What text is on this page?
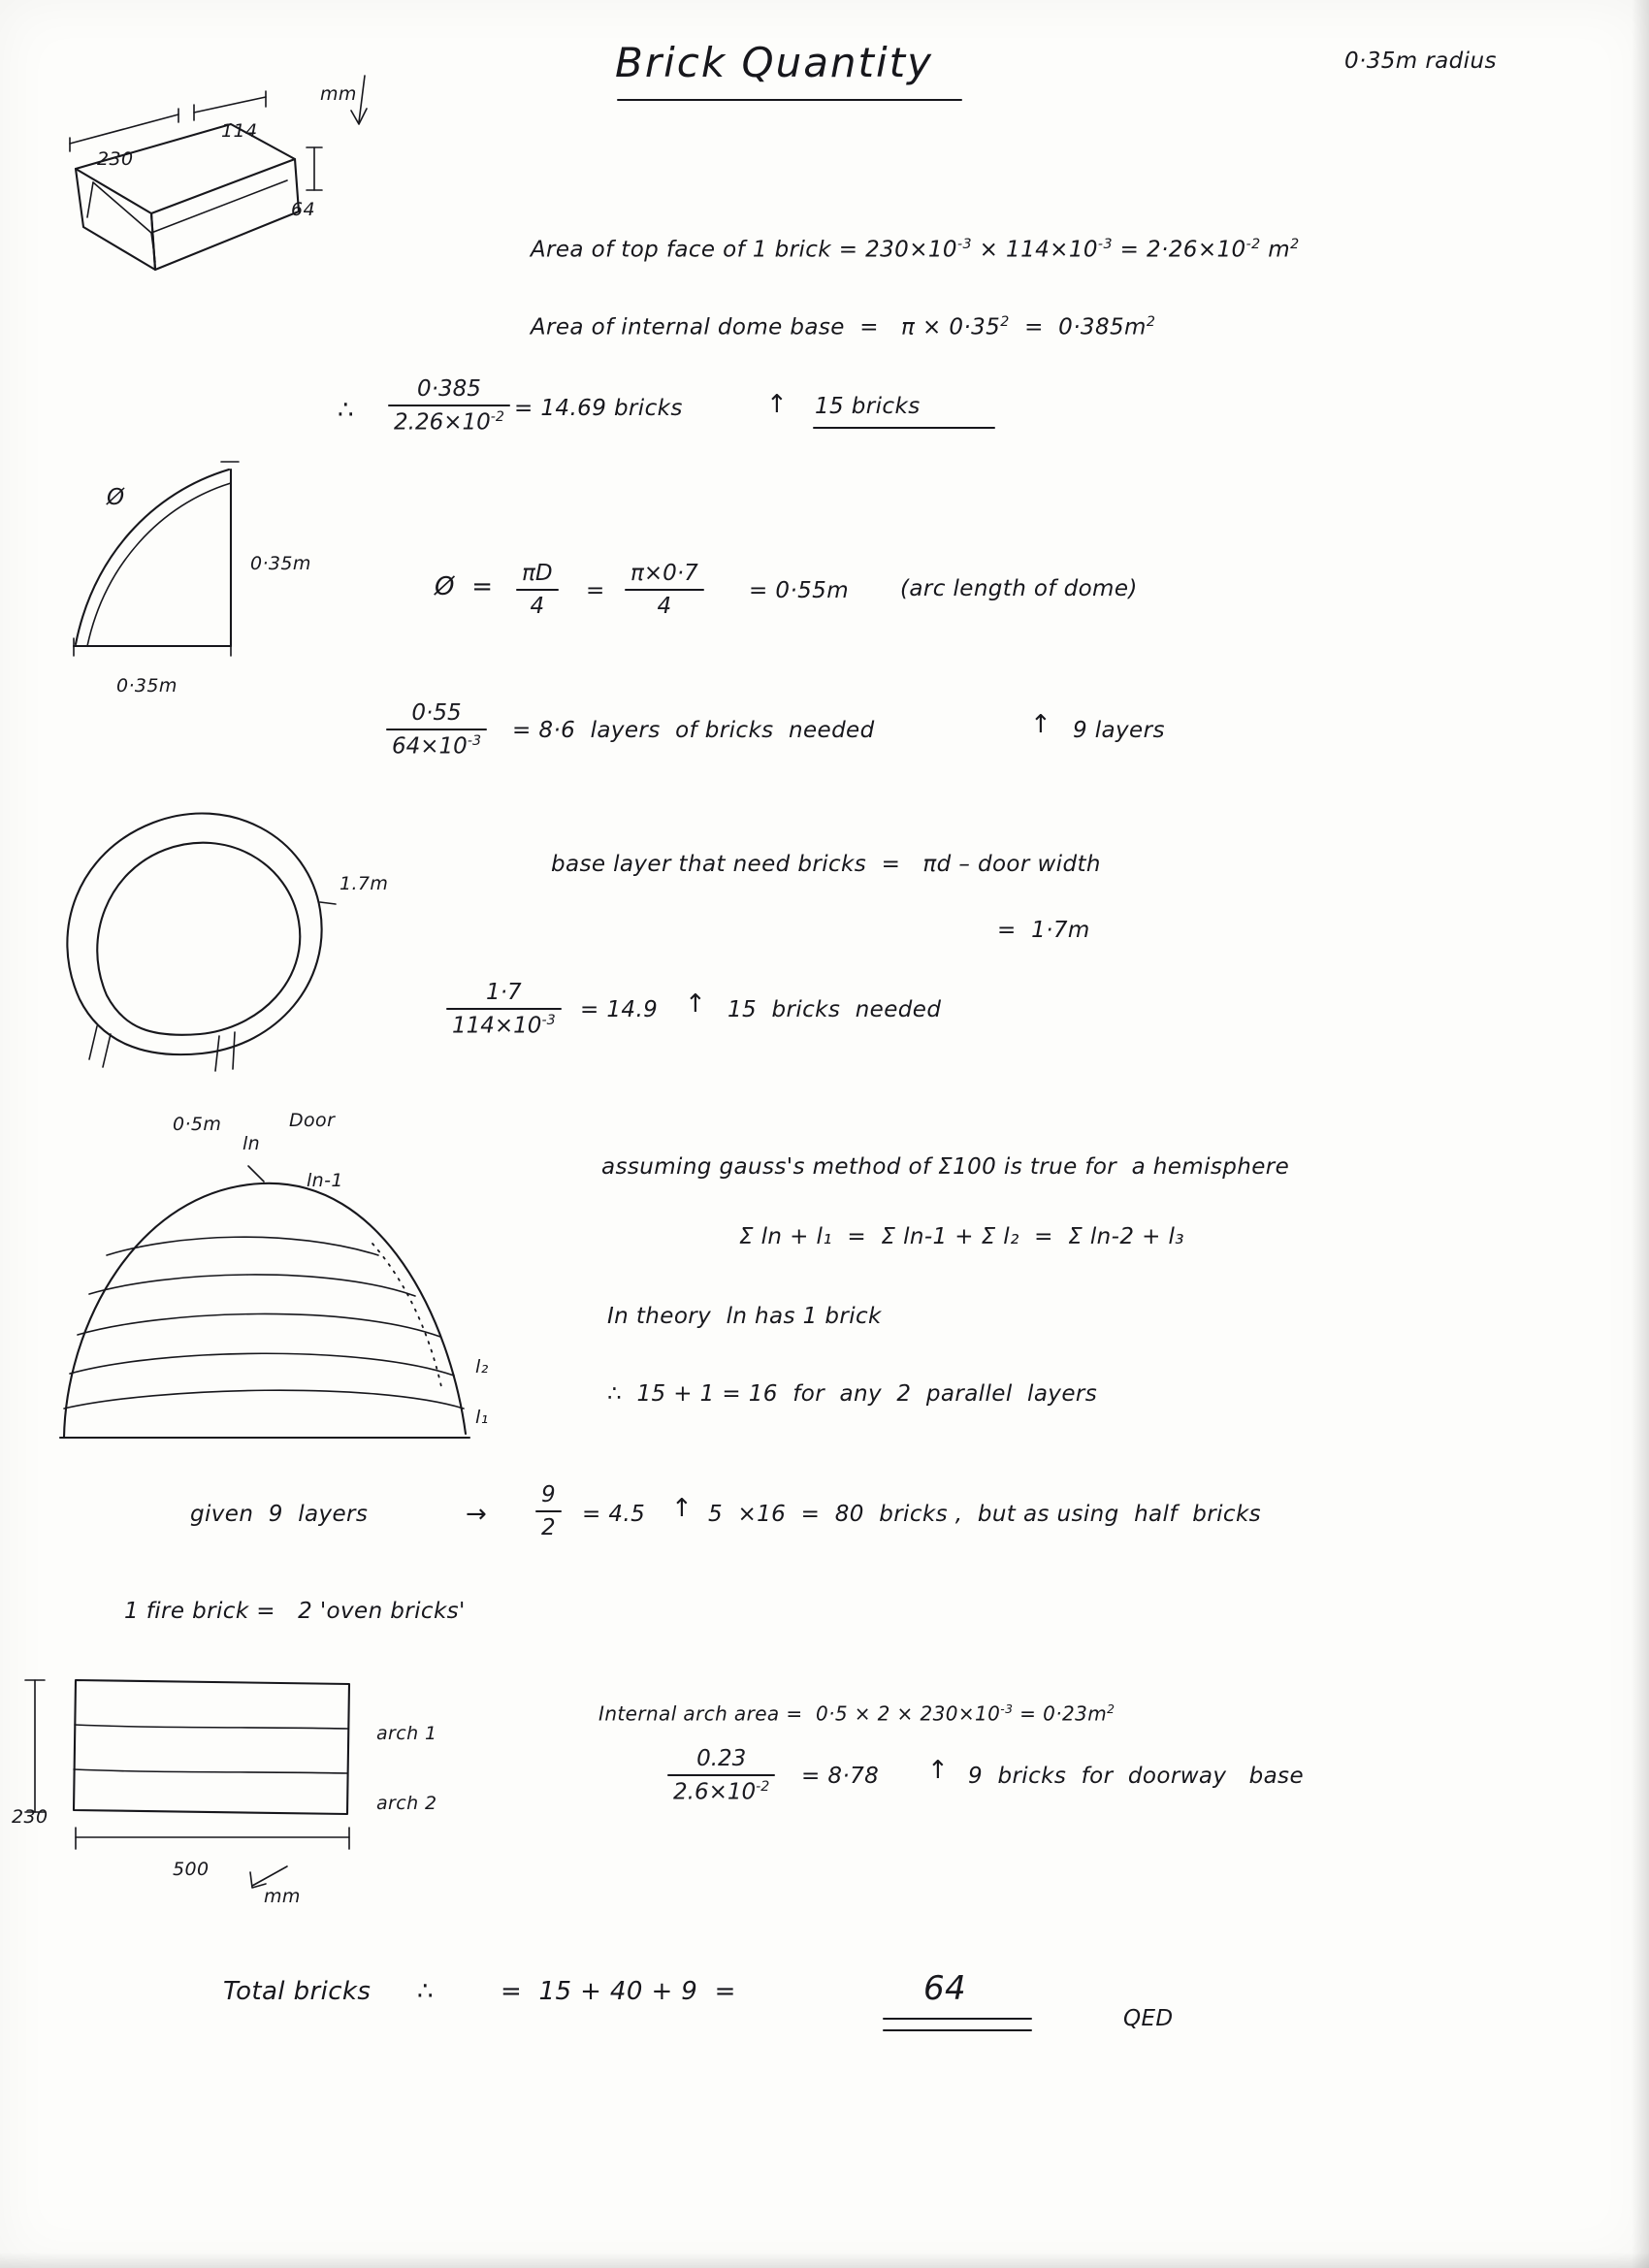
Brick Quantity	0·35m radius
230
114
64
mm

Area of top face of 1 brick = $230\times 10^{-3} \times 114\times 10^{-3} = 2\cdot 26\times 10^{-2}$ $m^2$

Area of internal dome base  =   $\pi \times 0\cdot 35^2 = 0\cdot 385m^2$

∴
0·385
$2.26\times 10^{-2} = 14.69$ bricks	↑ 15 bricks
Ø
0·35m
0·35m
Ø  = πD
4
=
π×0·7
4
= 0·55m (arc length of dome)
0·55
$64\times 10^{-3} = 8\cdot 6$  layers  of bricks  needed	↑ 9 layers
1.7m
0·5m	Door
base layer that need bricks  =   πd – door width
=  1·7m
1·7
$114\times 10^{-3} = 14.9$ ↑ 15  bricks  needed
ln
ln-1
l₂
l₁
assuming gauss's method of Σ100 is true for  a hemisphere
Σ ln + l₁  =  Σ ln-1 + Σ l₂  =  Σ ln-2 + l₃
In theory  ln has 1 brick
∴  15 + 1 = 16  for  any  2  parallel  layers
given  9  layers	→
9
2
= 4.5 ↑ 5  ×16  =  80  bricks ,  but as using  half  bricks
1 fire brick =   2 'oven bricks'
230
500
mm
arch 1
arch 2

Internal arch area =  $0\cdot 5 \times 2 \times 230\times 10^{-3} = 0\cdot 23m^2$

0.23
$2.6\times 10^{-2} = 8\cdot 78$ ↑ 9  bricks  for  doorway   base
Total bricks ∴	=  15 + 40 + 9  =	64
QED
